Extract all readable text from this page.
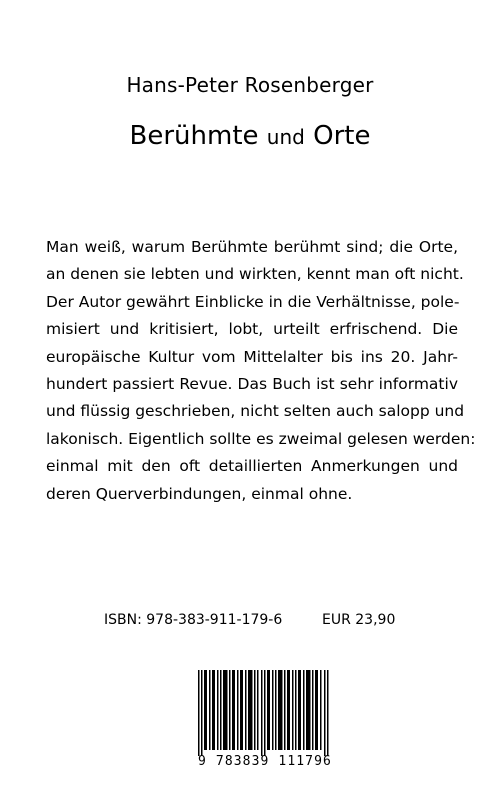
Hans-Peter Rosenberger
Berühmte und Orte
Man weiß, warum Berühmte berühmt sind; die Orte,
an denen sie lebten und wirkten, kennt man oft nicht.
Der Autor gewährt Einblicke in die Verhältnisse, pole-
misiert und kritisiert, lobt, urteilt erfrischend. Die
europäische Kultur vom Mittelalter bis ins 20. Jahr-
hundert passiert Revue. Das Buch ist sehr informativ
und flüssig geschrieben, nicht selten auch salopp und
lakonisch. Eigentlich sollte es zweimal gelesen werden:
einmal mit den oft detaillierten Anmerkungen und
deren Querverbindungen, einmal ohne.
ISBN: 978-383-911-179-6	EUR 23,90
9 783839 111796
